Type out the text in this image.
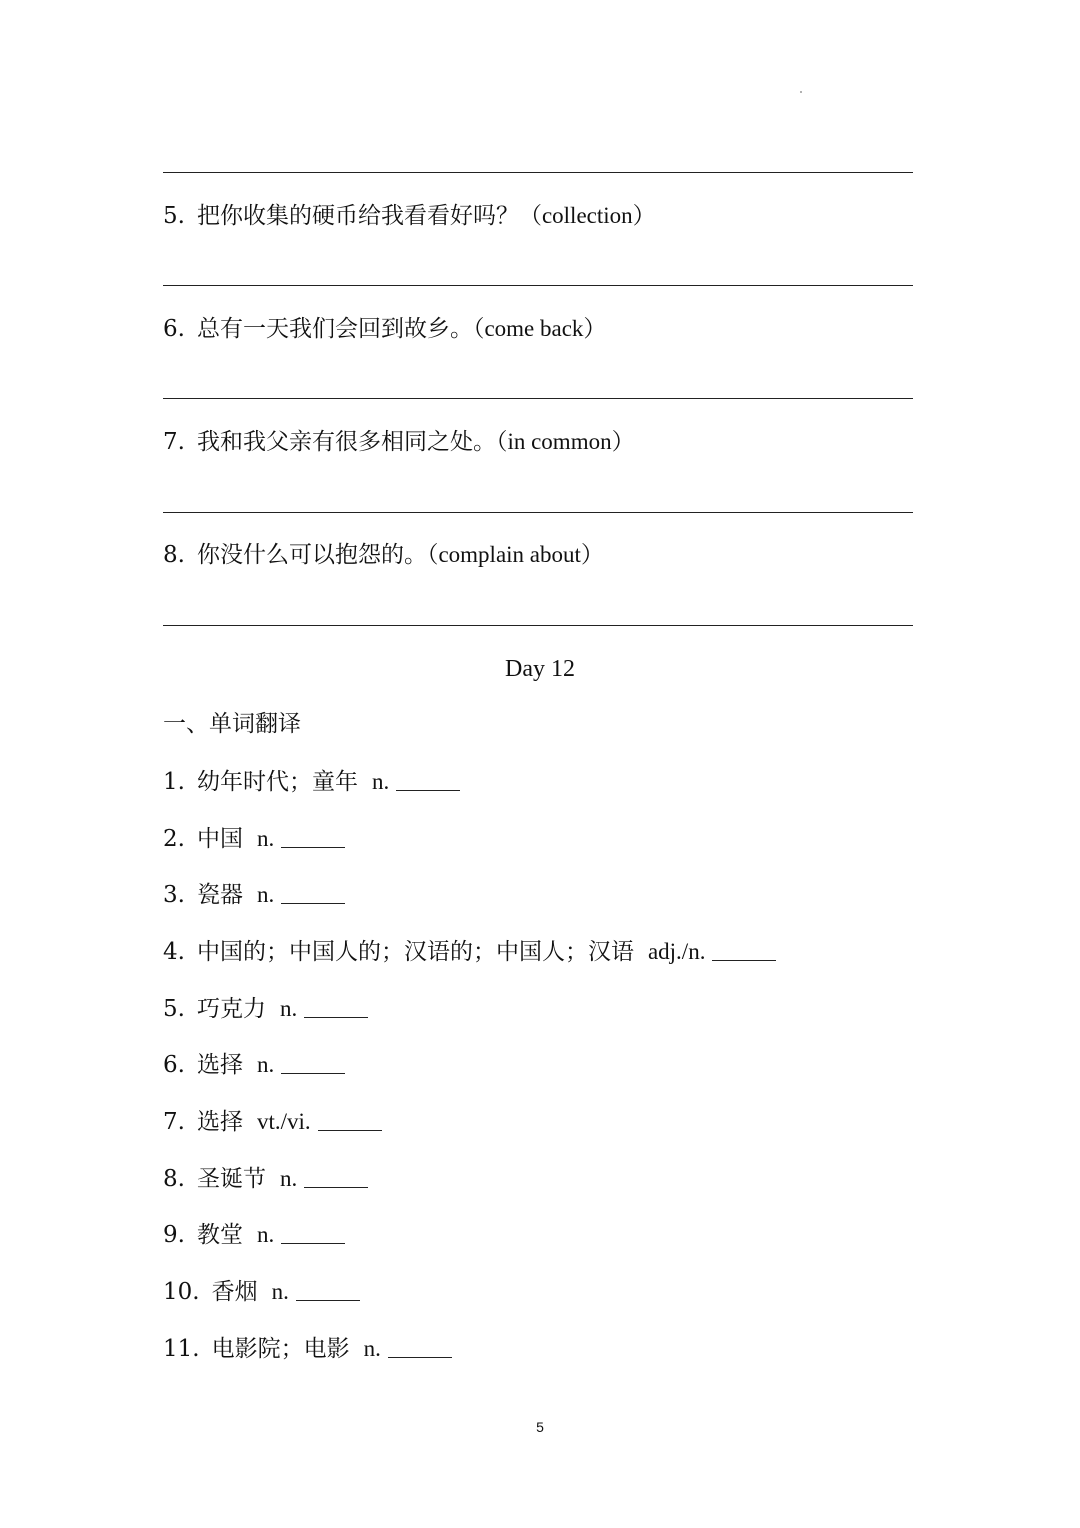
5. 把你收集的硬币给我看看好吗？（collection）
6. 总有一天我们会回到故乡。（come back）
7. 我和我父亲有很多相同之处。（in common）
8. 你没什么可以抱怨的。（complain about）
Day 12
一、单词翻译
1. 幼年时代；童年 n.
2. 中国 n.
3. 瓷器 n.
4. 中国的；中国人的；汉语的；中国人；汉语 adj./n.
5. 巧克力 n.
6. 选择 n.
7. 选择 vt./vi.
8. 圣诞节 n.
9. 教堂 n.
10. 香烟 n.
11. 电影院；电影 n.
5
